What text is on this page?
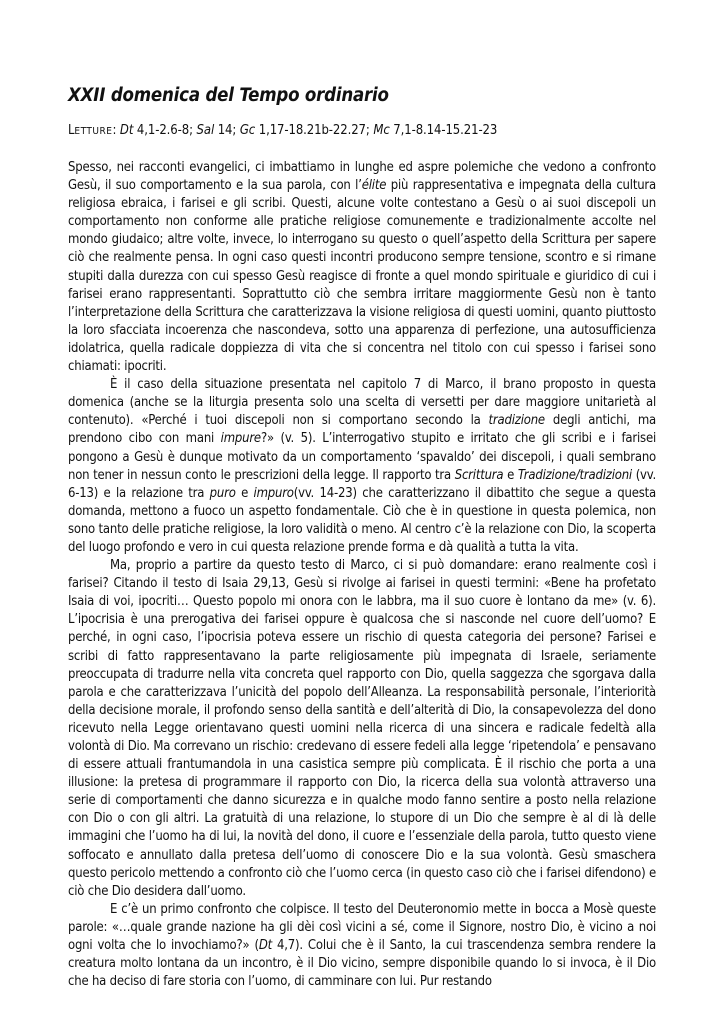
XXII domenica del Tempo ordinario
LETTURE: Dt 4,1-2.6-8; Sal 14; Gc 1,17-18.21b-22.27; Mc 7,1-8.14-15.21-23

Spesso, nei racconti evangelici, ci imbattiamo in lunghe ed aspre polemiche che vedono a confronto Gesù, il suo comportamento e la sua parola, con l’élite più rappresentativa e impegnata della cultura religiosa ebraica, i farisei e gli scribi. Questi, alcune volte contestano a Gesù o ai suoi discepoli un comportamento non conforme alle pratiche religiose comunemente e tradizionalmente accolte nel mondo giudaico; altre volte, invece, lo interrogano su questo o quell’aspetto della Scrittura per sapere ciò che realmente pensa. In ogni caso questi incontri producono sempre tensione, scontro e si rimane stupiti dalla durezza con cui spesso Gesù reagisce di fronte a quel mondo spirituale e giuridico di cui i farisei erano rappresentanti. Soprattutto ciò che sembra irritare maggiormente Gesù non è tanto l’interpretazione della Scrittura che caratterizzava la visione religiosa di questi uomini, quanto piuttosto la loro sfacciata incoerenza che nascondeva, sotto una apparenza di perfezione, una autosufficienza idolatrica, quella radicale doppiezza di vita che si concentra nel titolo con cui spesso i farisei sono chiamati: ipocriti.

È il caso della situazione presentata nel capitolo 7 di Marco, il brano proposto in questa domenica (anche se la liturgia presenta solo una scelta di versetti per dare maggiore unitarietà al contenuto). «Perché i tuoi discepoli non si comportano secondo la tradizione degli antichi, ma prendono cibo con mani impure?» (v. 5). L’interrogativo stupito e irritato che gli scribi e i farisei pongono a Gesù è dunque motivato da un comportamento ‘spavaldo’ dei discepoli, i quali sembrano non tener in nessun conto le prescrizioni della legge. Il rapporto tra Scrittura e Tradizione/tradizioni (vv. 6-13) e la relazione tra puro e impuro(vv. 14-23) che caratterizzano il dibattito che segue a questa domanda, mettono a fuoco un aspetto fondamentale. Ciò che è in questione in questa polemica, non sono tanto delle pratiche religiose, la loro validità o meno. Al centro c’è la relazione con Dio, la scoperta del luogo profondo e vero in cui questa relazione prende forma e dà qualità a tutta la vita.

Ma, proprio a partire da questo testo di Marco, ci si può domandare: erano realmente così i farisei? Citando il testo di Isaia 29,13, Gesù si rivolge ai farisei in questi termini: «Bene ha profetato Isaia di voi, ipocriti… Questo popolo mi onora con le labbra, ma il suo cuore è lontano da me» (v. 6). L’ipocrisia è una prerogativa dei farisei oppure è qualcosa che si nasconde nel cuore dell’uomo? E perché, in ogni caso, l’ipocrisia poteva essere un rischio di questa categoria dei persone? Farisei e scribi di fatto rappresentavano la parte religiosamente più impegnata di Israele, seriamente preoccupata di tradurre nella vita concreta quel rapporto con Dio, quella saggezza che sgorgava dalla parola e che caratterizzava l’unicità del popolo dell’Alleanza. La responsabilità personale, l’interiorità della decisione morale, il profondo senso della santità e dell’alterità di Dio, la consapevolezza del dono ricevuto nella Legge orientavano questi uomini nella ricerca di una sincera e radicale fedeltà alla volontà di Dio. Ma correvano un rischio: credevano di essere fedeli alla legge ‘ripetendola’ e pensavano di essere attuali frantumandola in una casistica sempre più complicata. È il rischio che porta a una illusione: la pretesa di programmare il rapporto con Dio, la ricerca della sua volontà attraverso una serie di comportamenti che danno sicurezza e in qualche modo fanno sentire a posto nella relazione con Dio o con gli altri. La gratuità di una relazione, lo stupore di un Dio che sempre è al di là delle immagini che l’uomo ha di lui, la novità del dono, il cuore e l’essenziale della parola, tutto questo viene soffocato e annullato dalla pretesa dell’uomo di conoscere Dio e la sua volontà. Gesù smaschera questo pericolo mettendo a confronto ciò che l’uomo cerca (in questo caso ciò che i farisei difendono) e ciò che Dio desidera dall’uomo.

E c’è un primo confronto che colpisce. Il testo del Deuteronomio mette in bocca a Mosè queste parole: «…quale grande nazione ha gli dèi così vicini a sé, come il Signore, nostro Dio, è vicino a noi ogni volta che lo invochiamo?» (Dt 4,7). Colui che è il Santo, la cui trascendenza sembra rendere la creatura molto lontana da un incontro, è il Dio vicino, sempre disponibile quando lo si invoca, è il Dio che ha deciso di fare storia con l’uomo, di camminare con lui. Pur restando
